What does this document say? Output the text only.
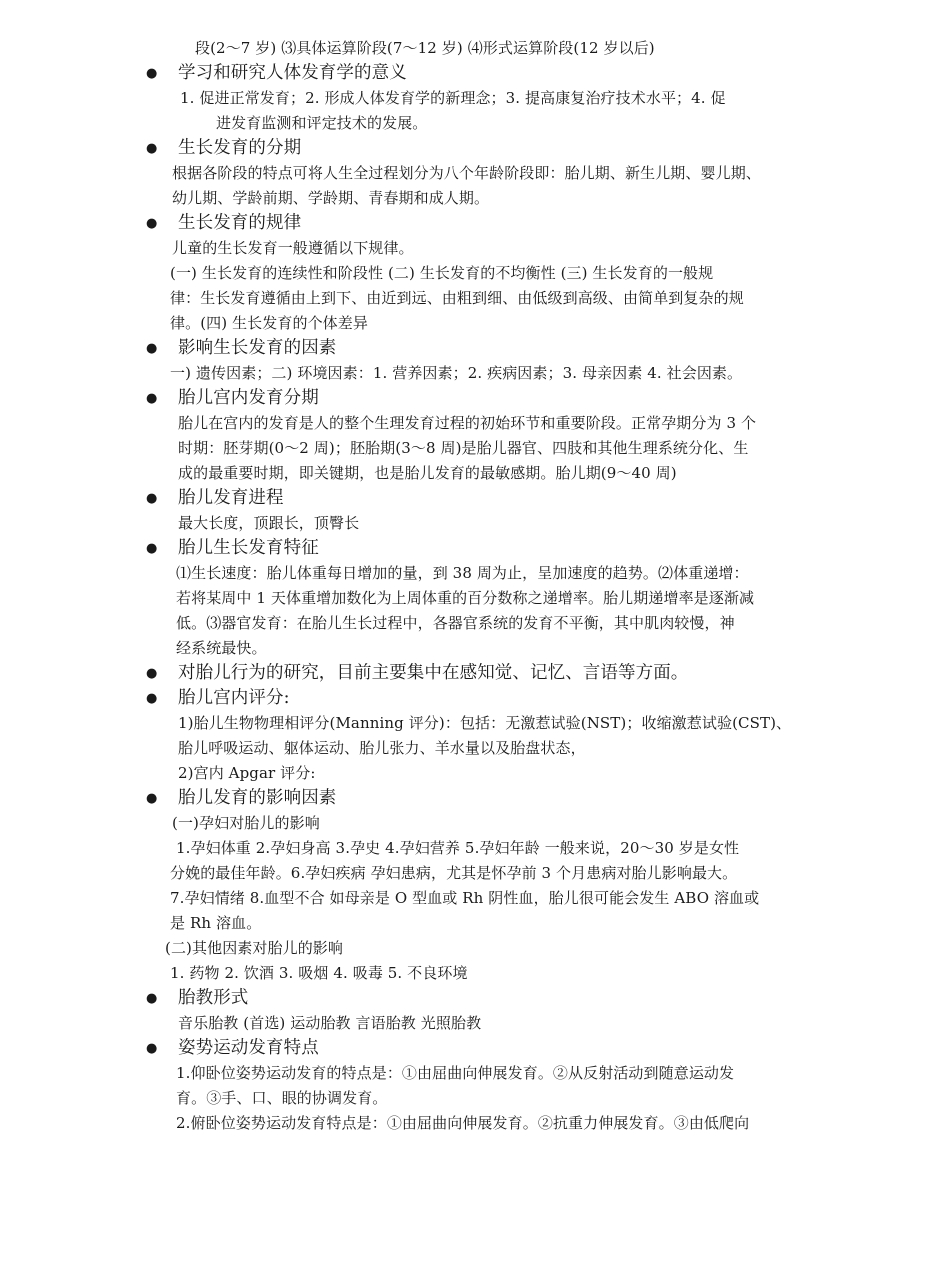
段(2～7 岁) ⑶具体运算阶段(7～12 岁) ⑷形式运算阶段(12 岁以后)
● 学习和研究人体发育学的意义
1. 促进正常发育；2. 形成人体发育学的新理念；3. 提高康复治疗技术水平；4. 促
进发育监测和评定技术的发展。
● 生长发育的分期
根据各阶段的特点可将人生全过程划分为八个年龄阶段即：胎儿期、新生儿期、婴儿期、
幼儿期、学龄前期、学龄期、青春期和成人期。
● 生长发育的规律
儿童的生长发育一般遵循以下规律。
(一) 生长发育的连续性和阶段性 (二) 生长发育的不均衡性 (三) 生长发育的一般规
律：生长发育遵循由上到下、由近到远、由粗到细、由低级到高级、由简单到复杂的规
律。(四) 生长发育的个体差异
● 影响生长发育的因素
一) 遗传因素；二) 环境因素：1. 营养因素；2. 疾病因素；3. 母亲因素 4. 社会因素。
● 胎儿宫内发育分期
胎儿在宫内的发育是人的整个生理发育过程的初始环节和重要阶段。正常孕期分为 3 个
时期：胚芽期(0～2 周)；胚胎期(3～8 周)是胎儿器官、四肢和其他生理系统分化、生
成的最重要时期，即关键期，也是胎儿发育的最敏感期。胎儿期(9～40 周)
● 胎儿发育进程
最大长度，顶跟长，顶臀长
● 胎儿生长发育特征
⑴生长速度：胎儿体重每日增加的量，到 38 周为止，呈加速度的趋势。⑵体重递增：
若将某周中 1 天体重增加数化为上周体重的百分数称之递增率。胎儿期递增率是逐渐减
低。⑶器官发育：在胎儿生长过程中，各器官系统的发育不平衡，其中肌肉较慢，神
经系统最快。
● 对胎儿行为的研究，目前主要集中在感知觉、记忆、言语等方面。
● 胎儿宫内评分:
1)胎儿生物物理相评分(Manning 评分)：包括：无激惹试验(NST)；收缩激惹试验(CST)、
胎儿呼吸运动、躯体运动、胎儿张力、羊水量以及胎盘状态，
2)宫内 Apgar 评分:
● 胎儿发育的影响因素
(一)孕妇对胎儿的影响
1.孕妇体重 2.孕妇身高 3.孕史 4.孕妇营养 5.孕妇年龄 一般来说，20～30 岁是女性
分娩的最佳年龄。6.孕妇疾病 孕妇患病，尤其是怀孕前 3 个月患病对胎儿影响最大。
7.孕妇情绪 8.血型不合 如母亲是 O 型血或 Rh 阴性血，胎儿很可能会发生 ABO 溶血或
是 Rh 溶血。
(二)其他因素对胎儿的影响
1. 药物 2. 饮酒 3. 吸烟 4. 吸毒 5. 不良环境
● 胎教形式
音乐胎教 (首选) 运动胎教 言语胎教 光照胎教
● 姿势运动发育特点
1.仰卧位姿势运动发育的特点是：①由屈曲向伸展发育。②从反射活动到随意运动发
育。③手、口、眼的协调发育。
2.俯卧位姿势运动发育特点是：①由屈曲向伸展发育。②抗重力伸展发育。③由低爬向
